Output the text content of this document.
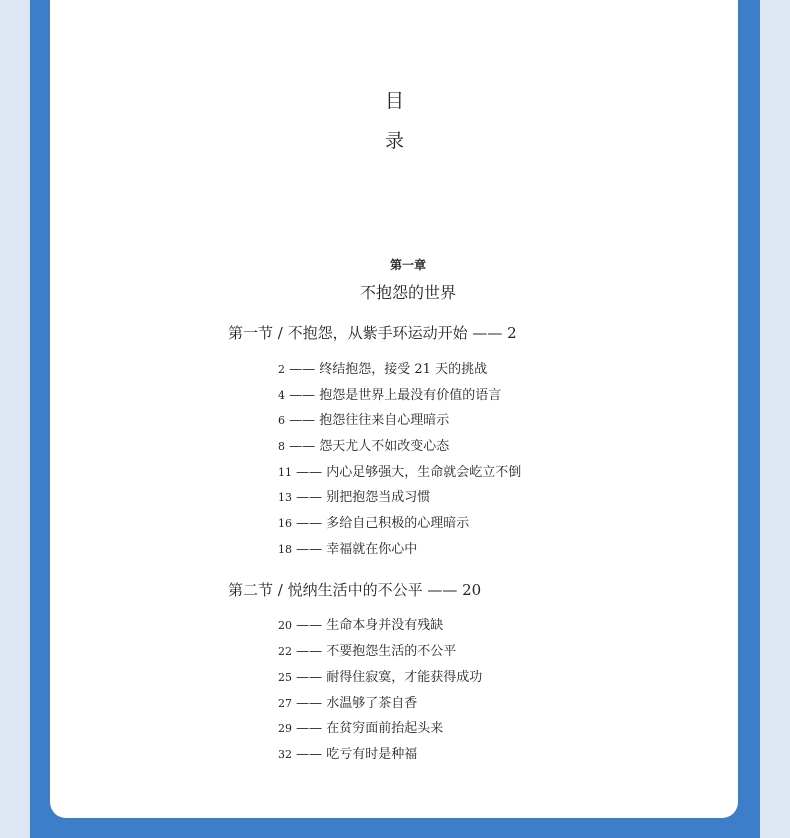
目
录
第一章
不抱怨的世界
第一节 / 不抱怨，从紫手环运动开始 —— 2
2 —— 终结抱怨，接受 21 天的挑战
4 —— 抱怨是世界上最没有价值的语言
6 —— 抱怨往往来自心理暗示
8 —— 怨天尤人不如改变心态
11 —— 内心足够强大，生命就会屹立不倒
13 —— 别把抱怨当成习惯
16 —— 多给自己积极的心理暗示
18 —— 幸福就在你心中
第二节 / 悦纳生活中的不公平 —— 20
20 —— 生命本身并没有残缺
22 —— 不要抱怨生活的不公平
25 —— 耐得住寂寞，才能获得成功
27 —— 水温够了茶自香
29 —— 在贫穷面前抬起头来
32 —— 吃亏有时是种福
